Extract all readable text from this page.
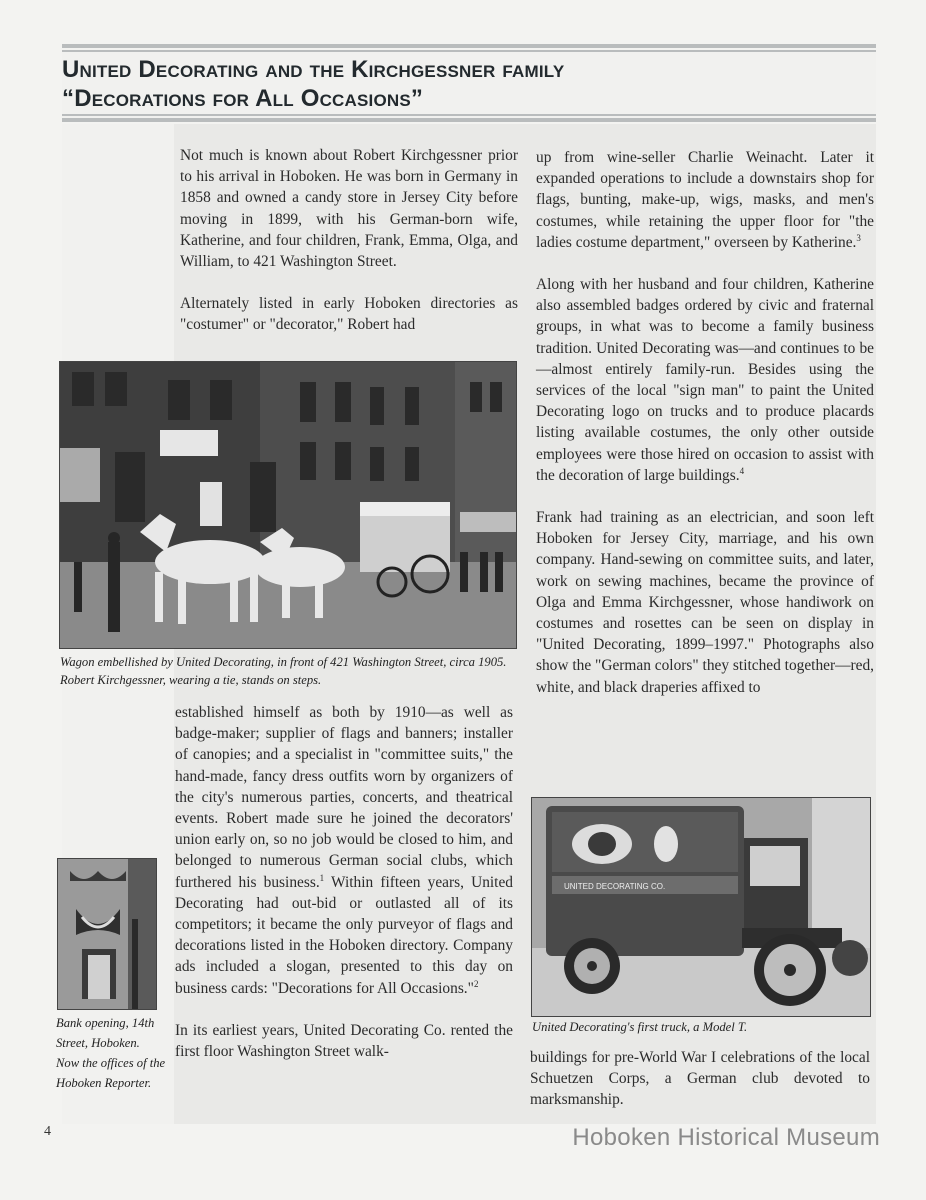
United Decorating and the Kirchgessner family
“Decorations for All Occasions”

Not much is known about Robert Kirchgessner prior to his arrival in Hoboken. He was born in Germany in 1858 and owned a candy store in Jersey City before moving in 1899, with his German-born wife, Katherine, and four children, Frank, Emma, Olga, and William, to 421 Washington Street.

Alternately listed in early Hoboken directories as "costumer" or "decorator," Robert had

Wagon embellished by United Decorating, in front of 421 Washington Street, circa 1905.
Robert Kirchgessner, wearing a tie, stands on steps.

established himself as both by 1910—as well as badge-maker; supplier of flags and banners; installer of canopies; and a specialist in "committee suits," the hand-made, fancy dress outfits worn by organizers of the city's numerous parties, concerts, and theatrical events. Robert made sure he joined the decorators' union early on, so no job would be closed to him, and belonged to numerous German social clubs, which furthered his business.$^1$ Within fifteen years, United Decorating had out-bid or outlasted all of its competitors; it became the only purveyor of flags and decorations listed in the Hoboken directory. Company ads included a slogan, presented to this day on business cards: "Decorations for All Occasions."$^2$

In its earliest years, United Decorating Co. rented the first floor Washington Street walk-

Bank opening, 14th Street, Hoboken. Now the offices of the Hoboken Reporter.

up from wine-seller Charlie Weinacht. Later it expanded operations to include a downstairs shop for flags, bunting, make-up, wigs, masks, and men's costumes, while retaining the upper floor for "the ladies costume department," overseen by Katherine.$^3$

Along with her husband and four children, Katherine also assembled badges ordered by civic and fraternal groups, in what was to become a family business tradition. United Decorating was—and continues to be—almost entirely family-run. Besides using the services of the local "sign man" to paint the United Decorating logo on trucks and to produce placards listing available costumes, the only other outside employees were those hired on occasion to assist with the decoration of large buildings.$^4$

Frank had training as an electrician, and soon left Hoboken for Jersey City, marriage, and his own company. Hand-sewing on committee suits, and later, work on sewing machines, became the province of Olga and Emma Kirchgessner, whose handiwork on costumes and rosettes can be seen on display in "United Decorating, 1899–1997." Photographs also show the "German colors" they stitched together—red, white, and black draperies affixed to

UNITED DECORATING CO.
United Decorating's first truck, a Model T.

buildings for pre-World War I celebrations of the local Schuetzen Corps, a German club devoted to marksmanship.

4	Hoboken Historical Museum
